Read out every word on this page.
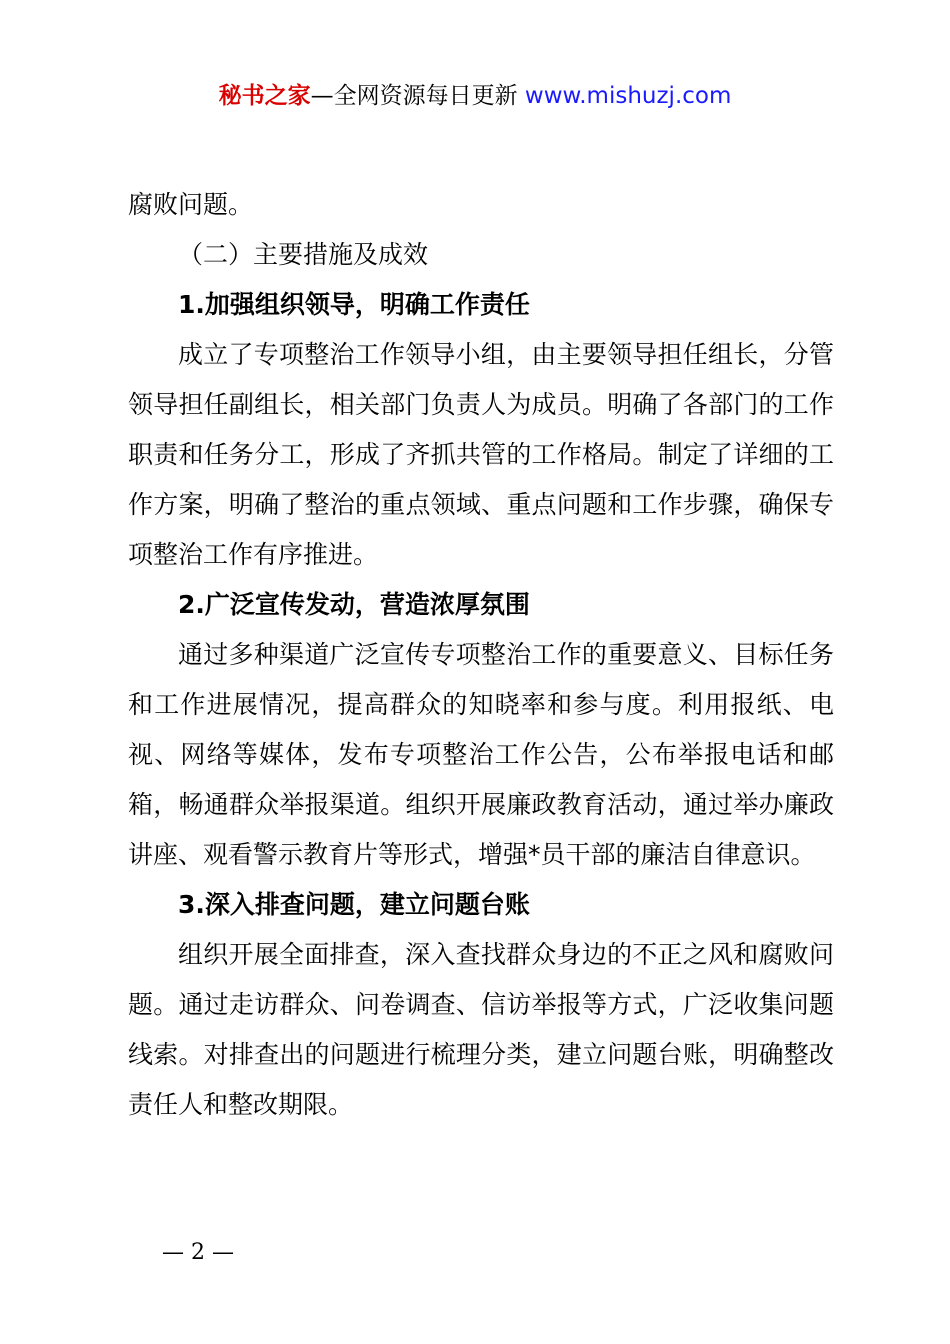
秘书之家—全网资源每日更新 www.mishuzj.com

腐败问题。

（二）主要措施及成效

1.加强组织领导，明确工作责任

成立了专项整治工作领导小组，由主要领导担任组长，分管领导担任副组长，相关部门负责人为成员。明确了各部门的工作职责和任务分工，形成了齐抓共管的工作格局。制定了详细的工作方案，明确了整治的重点领域、重点问题和工作步骤，确保专项整治工作有序推进。

2.广泛宣传发动，营造浓厚氛围

通过多种渠道广泛宣传专项整治工作的重要意义、目标任务和工作进展情况，提高群众的知晓率和参与度。利用报纸、电视、网络等媒体，发布专项整治工作公告，公布举报电话和邮箱，畅通群众举报渠道。组织开展廉政教育活动，通过举办廉政讲座、观看警示教育片等形式，增强*员干部的廉洁自律意识。

3.深入排查问题，建立问题台账

组织开展全面排查，深入查找群众身边的不正之风和腐败问题。通过走访群众、问卷调查、信访举报等方式，广泛收集问题线索。对排查出的问题进行梳理分类，建立问题台账，明确整改责任人和整改期限。

— 2 —
